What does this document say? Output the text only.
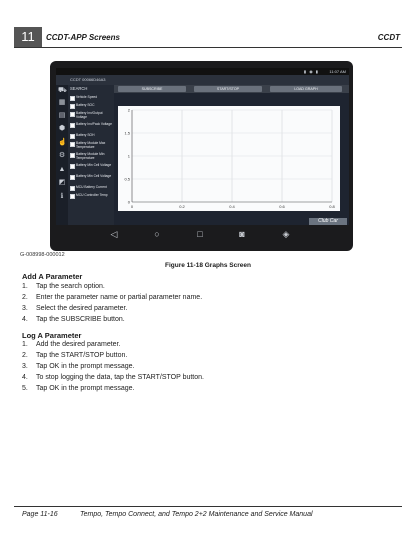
11	CCDT-APP Screens	CCDT
▮ ◉ ▮	11:07 AM
CCDT 00066D46A3
⛟
▦
▤
⬢
☝
⚙
▲
◩
ℹ
SEARCH
Vehicle Speed
Battery SOC
Battery Inv/Output Voltage
Battery Inv/Pack Voltage
Battery SOH
Battery Module Max Temperature
Battery Module Min Temperature
Battery Min Cell Voltage
Battery Min Cell Voltage
MCU Battery Current
MCU Controller Temp
SUBSCRIBE	START/STOP	LOAD GRAPH
0	0.2	0.4	0.6	0.8
0
0.5
1
1.5
2
Club Car
◁	○	□	◙	◈
G-008998-000012
Figure 11-18 Graphs Screen
Add A Parameter
1. Tap the search option.
2. Enter the parameter name or partial parameter name.
3. Select the desired parameter.
4. Tap the SUBSCRIBE button.
Log A Parameter
1. Add the desired parameter.
2. Tap the START/STOP button.
3. Tap OK in the prompt message.
4. To stop logging the data, tap the START/STOP button.
5. Tap OK in the prompt message.
Page 11-16	Tempo, Tempo Connect, and Tempo 2+2 Maintenance and Service Manual
